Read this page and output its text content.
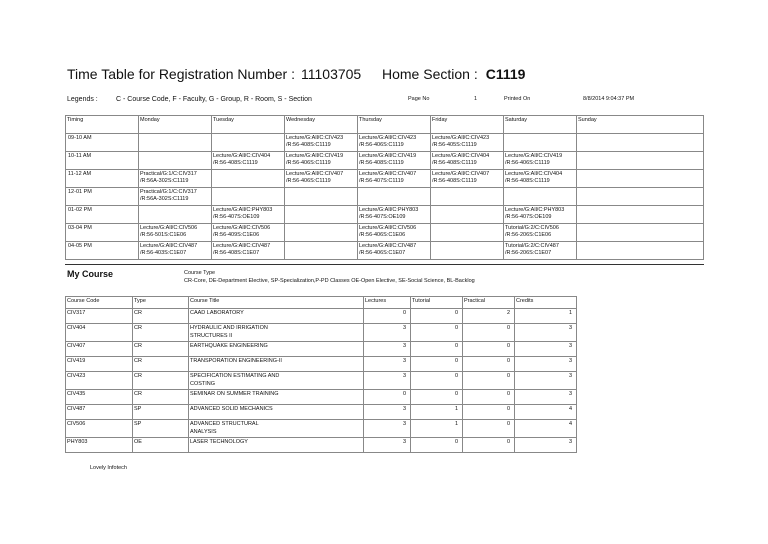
Time Table for Registration Number : 11103705 Home Section : C1119
Legends :	C - Course Code, F - Faculty, G - Group, R - Room, S - Section	Page No	1	Printed On	8/8/2014 9:04:37 PM
Timing	Monday	Tuesday	Wednesday	Thursday	Friday	Saturday	Sunday
09-10 AM			Lecture/G:All/C:CIV423
/R:56-408S:C1119	Lecture/G:All/C:CIV423
/R:56-406S:C1119	Lecture/G:All/C:CIV423
/R:56-405S:C1119		
10-11 AM		Lecture/G:All/C:CIV404
/R:56-408S:C1119	Lecture/G:All/C:CIV419
/R:56-406S:C1119	Lecture/G:All/C:CIV419
/R:56-408S:C1119	Lecture/G:All/C:CIV404
/R:56-408S:C1119	Lecture/G:All/C:CIV419
/R:56-406S:C1119	
11-12 AM	Practical/G:1/C:CIV317
/R:56A-302S:C1119		Lecture/G:All/C:CIV407
/R:56-406S:C1119	Lecture/G:All/C:CIV407
/R:56-407S:C1119	Lecture/G:All/C:CIV407
/R:56-408S:C1119	Lecture/G:All/C:CIV404
/R:56-408S:C1119	
12-01 PM	Practical/G:1/C:CIV317
/R:56A-302S:C1119						
01-02 PM		Lecture/G:All/C:PHY803
/R:56-407S:OE109		Lecture/G:All/C:PHY803
/R:56-407S:OE109		Lecture/G:All/C:PHY803
/R:56-407S:OE109	
03-04 PM	Lecture/G:All/C:CIV506
/R:56-501S:C1E06	Lecture/G:All/C:CIV506
/R:56-409S:C1E06		Lecture/G:All/C:CIV506
/R:56-406S:C1E06		Tutorial/G:2/C:CIV506
/R:56-206S:C1E06	
04-05 PM	Lecture/G:All/C:CIV487
/R:56-403S:C1E07	Lecture/G:All/C:CIV487
/R:56-408S:C1E07		Lecture/G:All/C:CIV487
/R:56-406S:C1E07		Tutorial/G:2/C:CIV487
/R:56-206S:C1E07	
My Course	Course Type
CR-Core, DE-Department Elective, SP-Specialization,P-PD Classes OE-Open Elective, SE-Social Science, BL-Backlog
Course Code	Type	Course Title	Lectures	Tutorial	Practical	Credits
CIV317	CR	CAAD LABORATORY	0	0	2	1
CIV404	CR	HYDRAULIC AND IRRIGATION
STRUCTURES II	3	0	0	3
CIV407	CR	EARTHQUAKE ENGINEERING	3	0	0	3
CIV419	CR	TRANSPORATION ENGINEERING-II	3	0	0	3
CIV423	CR	SPECIFICATION ESTIMATING AND
COSTING	3	0	0	3
CIV435	CR	SEMINAR ON SUMMER TRAINING	0	0	0	3
CIV487	SP	ADVANCED SOLID MECHANICS	3	1	0	4
CIV506	SP	ADVANCED STRUCTURAL
ANALYSIS	3	1	0	4
PHY803	OE	LASER TECHNOLOGY	3	0	0	3
Lovely Infotech
